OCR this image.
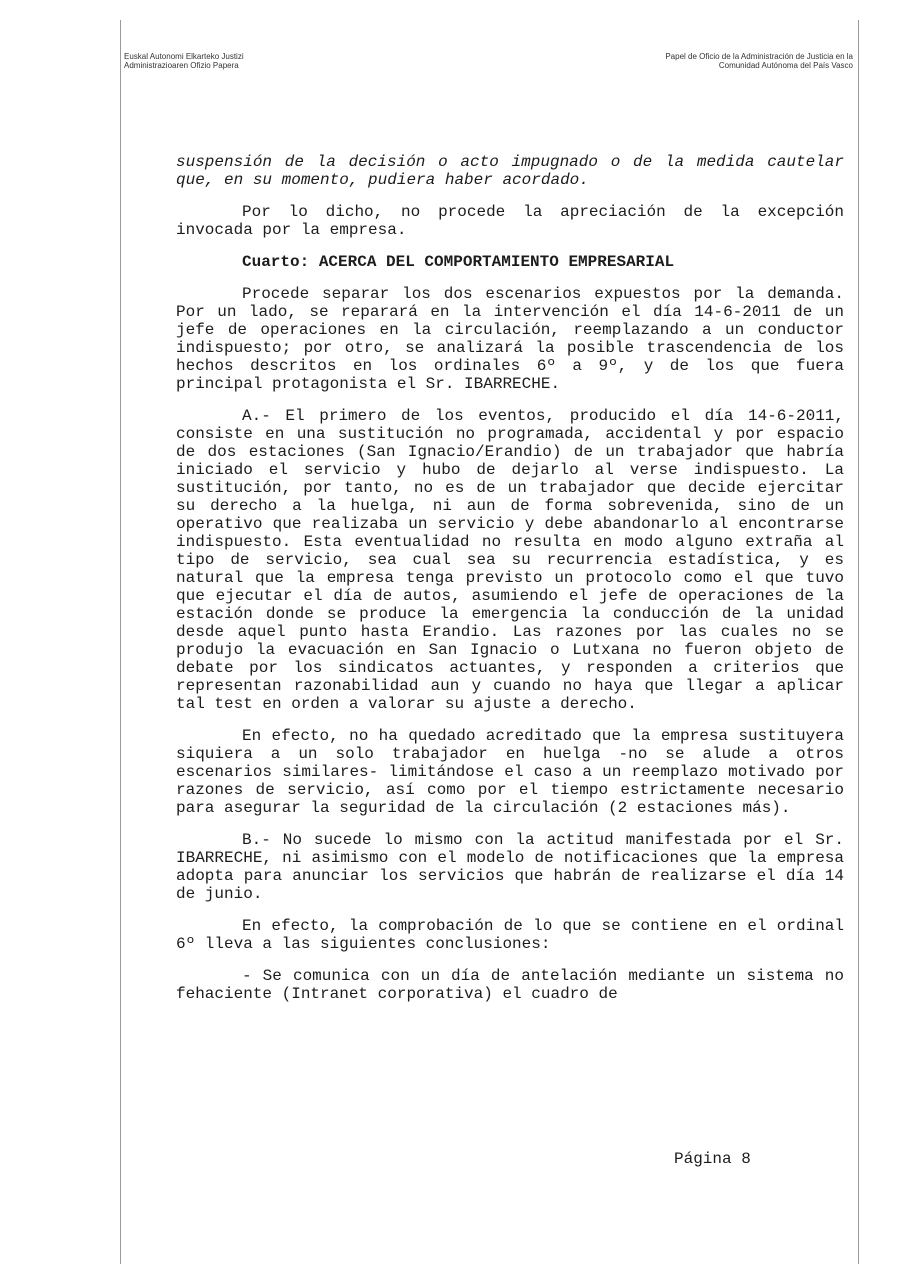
Euskal Autonomi Elkarteko Justizi
Administrazioaren Ofizio Papera
Papel de Oficio de la Administración de Justicia en la
Comunidad Autónoma del País Vasco

suspensión de la decisión o acto impugnado o de la medida cautelar que, en su momento, pudiera haber acordado.

Por lo dicho, no procede la apreciación de la excepción invocada por la empresa.

Cuarto: ACERCA DEL COMPORTAMIENTO EMPRESARIAL

Procede separar los dos escenarios expuestos por la demanda. Por un lado, se reparará en la intervención el día 14-6-2011 de un jefe de operaciones en la circulación, reemplazando a un conductor indispuesto; por otro, se analizará la posible trascendencia de los hechos descritos en los ordinales 6º a 9º, y de los que fuera principal protagonista el Sr. IBARRECHE.

A.- El primero de los eventos, producido el día 14-6-2011, consiste en una sustitución no programada, accidental y por espacio de dos estaciones (San Ignacio/Erandio) de un trabajador que habría iniciado el servicio y hubo de dejarlo al verse indispuesto. La sustitución, por tanto, no es de un trabajador que decide ejercitar su derecho a la huelga, ni aun de forma sobrevenida, sino de un operativo que realizaba un servicio y debe abandonarlo al encontrarse indispuesto. Esta eventualidad no resulta en modo alguno extraña al tipo de servicio, sea cual sea su recurrencia estadística, y es natural que la empresa tenga previsto un protocolo como el que tuvo que ejecutar el día de autos, asumiendo el jefe de operaciones de la estación donde se produce la emergencia la conducción de la unidad desde aquel punto hasta Erandio. Las razones por las cuales no se produjo la evacuación en San Ignacio o Lutxana no fueron objeto de debate por los sindicatos actuantes, y responden a criterios que representan razonabilidad aun y cuando no haya que llegar a aplicar tal test en orden a valorar su ajuste a derecho.

En efecto, no ha quedado acreditado que la empresa sustituyera siquiera a un solo trabajador en huelga -no se alude a otros escenarios similares- limitándose el caso a un reemplazo motivado por razones de servicio, así como por el tiempo estrictamente necesario para asegurar la seguridad de la circulación (2 estaciones más).

B.- No sucede lo mismo con la actitud manifestada por el Sr. IBARRECHE, ni asimismo con el modelo de notificaciones que la empresa adopta para anunciar los servicios que habrán de realizarse el día 14 de junio.

En efecto, la comprobación de lo que se contiene en el ordinal 6º lleva a las siguientes conclusiones:

- Se comunica con un día de antelación mediante un sistema no fehaciente (Intranet corporativa) el cuadro de

Página 8
